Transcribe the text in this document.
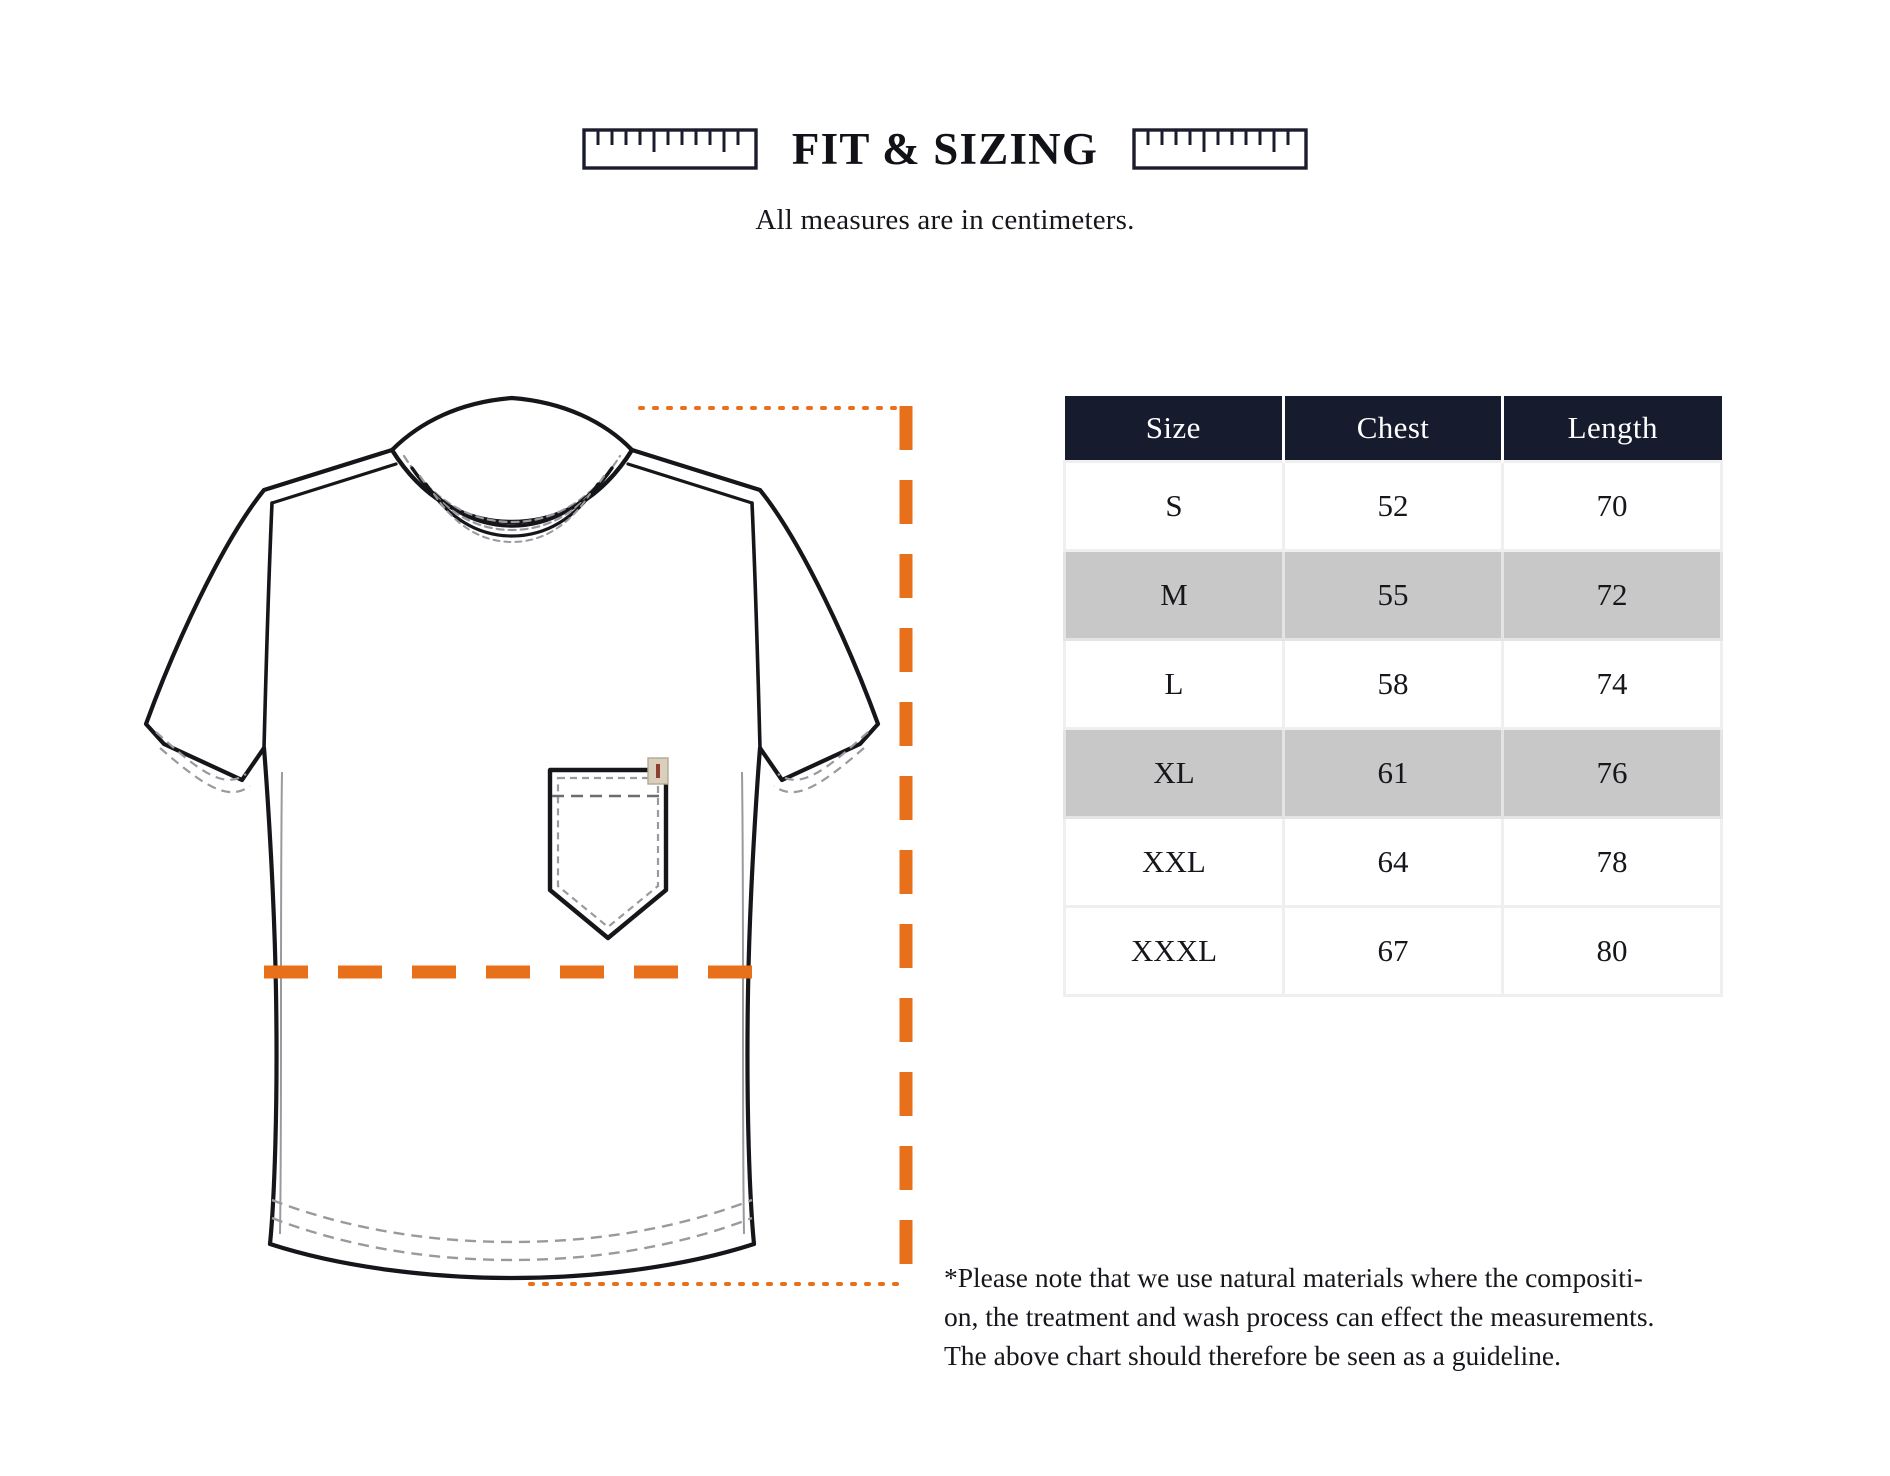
FIT & SIZING
All measures are in centimeters.
Size	Chest	Length
S	52	70
M	55	72
L	58	74
XL	61	76
XXL	64	78
XXXL	67	80
*Please note that we use natural materials where the compositi-
on, the treatment and wash process can effect the measurements.
The above chart should therefore be seen as a guideline.
